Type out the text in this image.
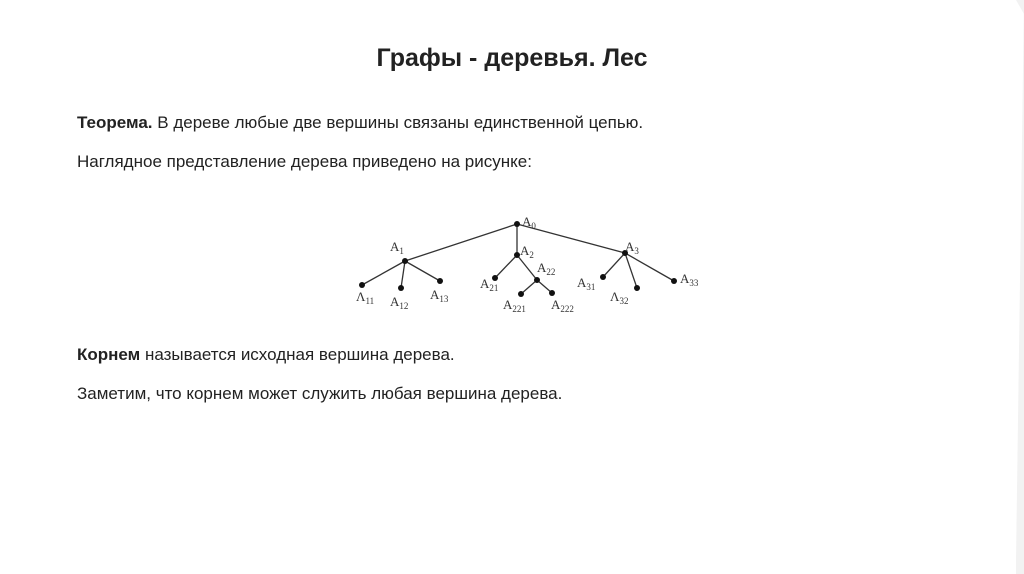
Графы - деревья. Лес

Теорема. В дереве любые две вершины связаны единственной цепью.

Наглядное представление дерева приведено на рисунке:

$A_0$
$A_1$	$A_2$
$A_3$
$\Lambda_{11}$ $A_{12}$
$A_{13}$
$A_{21}$
$A_{22}$
$A_{221}$ $A_{222}$
$A_{31}$
$\Lambda_{32}$
$A_{33}$

Корнем называется исходная вершина дерева.

Заметим, что корнем может служить любая вершина дерева.
